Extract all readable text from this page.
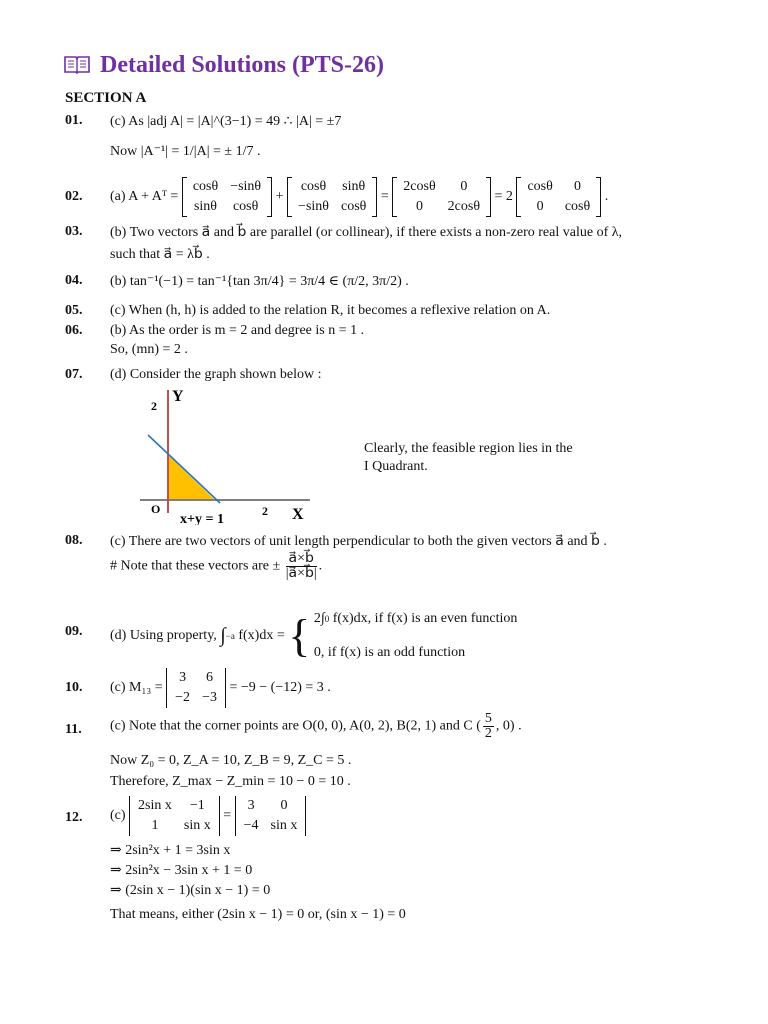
Detailed Solutions (PTS-26)
SECTION A
01. (c) As |adj A| = |A|^(3−1) = 49 ∴ |A| = ±7
Now |A⁻¹| = 1/|A| = ± 1/7 .
02. (a) A + Aᵀ =
cosθ	−sinθ
sinθ	cosθ
+
cosθ	sinθ
−sinθ	cosθ
=
2cosθ	0
0	2cosθ
= 2
cosθ	0
0	cosθ
.
03. (b) Two vectors a⃗ and b⃗ are parallel (or collinear), if there exists a non-zero real value of λ,
such that a⃗ = λb⃗ .
04. (b) tan⁻¹(−1) = tan⁻¹{tan 3π/4} = 3π/4 ∈ (π/2, 3π/2) .
05. (c) When (h, h) is added to the relation R, it becomes a reflexive relation on A.
06. (b) As the order is m = 2 and degree is n = 1 .
So, (mn) = 2 .
07. (d) Consider the graph shown below :
Y
2
O	2 X
x+y = 1
Clearly, the feasible region lies in the
I Quadrant.
08. (c) There are two vectors of unit length perpendicular to both the given vectors a⃗ and b⃗ .
# Note that these vectors are ± $\frac{a⃗\times b⃗}{|a⃗\times b⃗|}$ .
09. (d) Using property, ∫−a f(x)dx = { 2∫0 f(x)dx, if f(x) is an even function
0, if f(x) is an odd function
10. (c) M₁₃ =
3	6
−2	−3
= −9 − (−12) = 3 .
11. (c) Note that the corner points are O(0, 0), A(0, 2), B(2, 1) and C ( $\frac{5}{2}$ , 0) .
Now Z₀ = 0, Z_A = 10, Z_B = 9, Z_C = 5 .
Therefore, Z_max − Z_min = 10 − 0 = 10 .
12. (c)
2sin x	−1
1	sin x
=
3	0
−4	sin x
⇒ 2sin²x + 1 = 3sin x
⇒ 2sin²x − 3sin x + 1 = 0
⇒ (2sin x − 1)(sin x − 1) = 0
That means, either (2sin x − 1) = 0 or, (sin x − 1) = 0
